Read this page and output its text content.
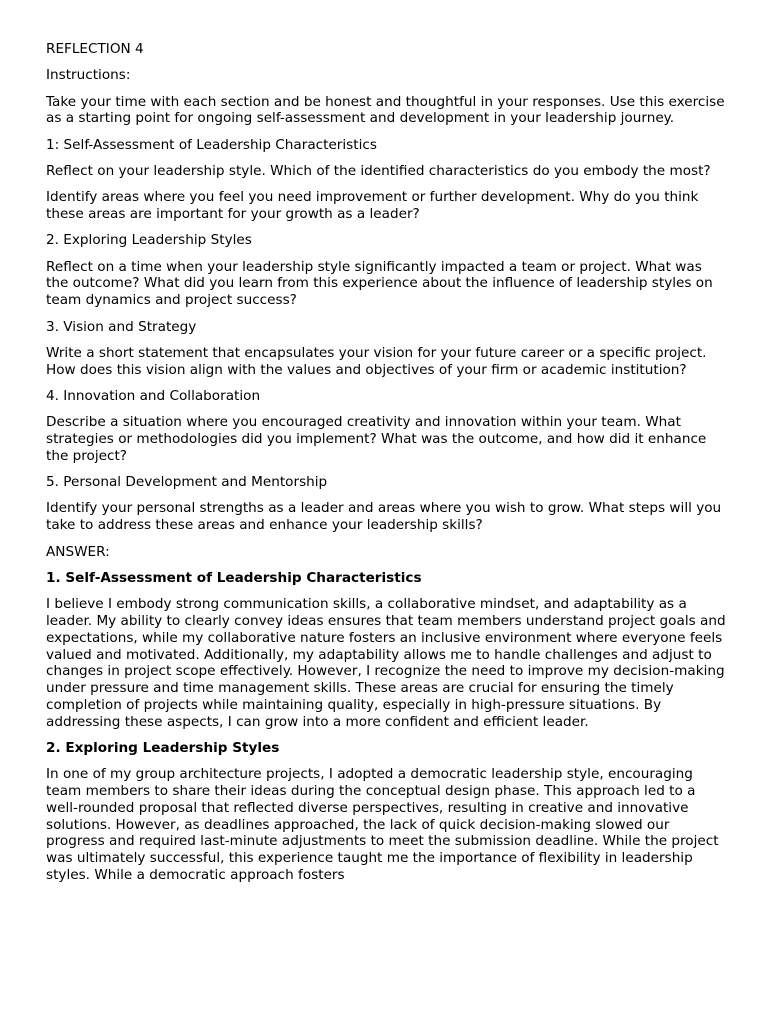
REFLECTION 4

Instructions:

Take your time with each section and be honest and thoughtful in your responses. Use this exercise as a starting point for ongoing self-assessment and development in your leadership journey.

1: Self-Assessment of Leadership Characteristics

Reflect on your leadership style. Which of the identified characteristics do you embody the most?

Identify areas where you feel you need improvement or further development. Why do you think these areas are important for your growth as a leader?

2. Exploring Leadership Styles

Reflect on a time when your leadership style significantly impacted a team or project. What was the outcome? What did you learn from this experience about the influence of leadership styles on team dynamics and project success?

3. Vision and Strategy

Write a short statement that encapsulates your vision for your future career or a specific project. How does this vision align with the values and objectives of your firm or academic institution?

4. Innovation and Collaboration

Describe a situation where you encouraged creativity and innovation within your team. What strategies or methodologies did you implement? What was the outcome, and how did it enhance the project?

5. Personal Development and Mentorship

Identify your personal strengths as a leader and areas where you wish to grow. What steps will you take to address these areas and enhance your leadership skills?

ANSWER:

1. Self-Assessment of Leadership Characteristics

I believe I embody strong communication skills, a collaborative mindset, and adaptability as a leader. My ability to clearly convey ideas ensures that team members understand project goals and expectations, while my collaborative nature fosters an inclusive environment where everyone feels valued and motivated. Additionally, my adaptability allows me to handle challenges and adjust to changes in project scope effectively. However, I recognize the need to improve my decision-making under pressure and time management skills. These areas are crucial for ensuring the timely completion of projects while maintaining quality, especially in high-pressure situations. By addressing these aspects, I can grow into a more confident and efficient leader.

2. Exploring Leadership Styles

In one of my group architecture projects, I adopted a democratic leadership style, encouraging team members to share their ideas during the conceptual design phase. This approach led to a well-rounded proposal that reflected diverse perspectives, resulting in creative and innovative solutions. However, as deadlines approached, the lack of quick decision-making slowed our progress and required last-minute adjustments to meet the submission deadline. While the project was ultimately successful, this experience taught me the importance of flexibility in leadership styles. While a democratic approach fosters
